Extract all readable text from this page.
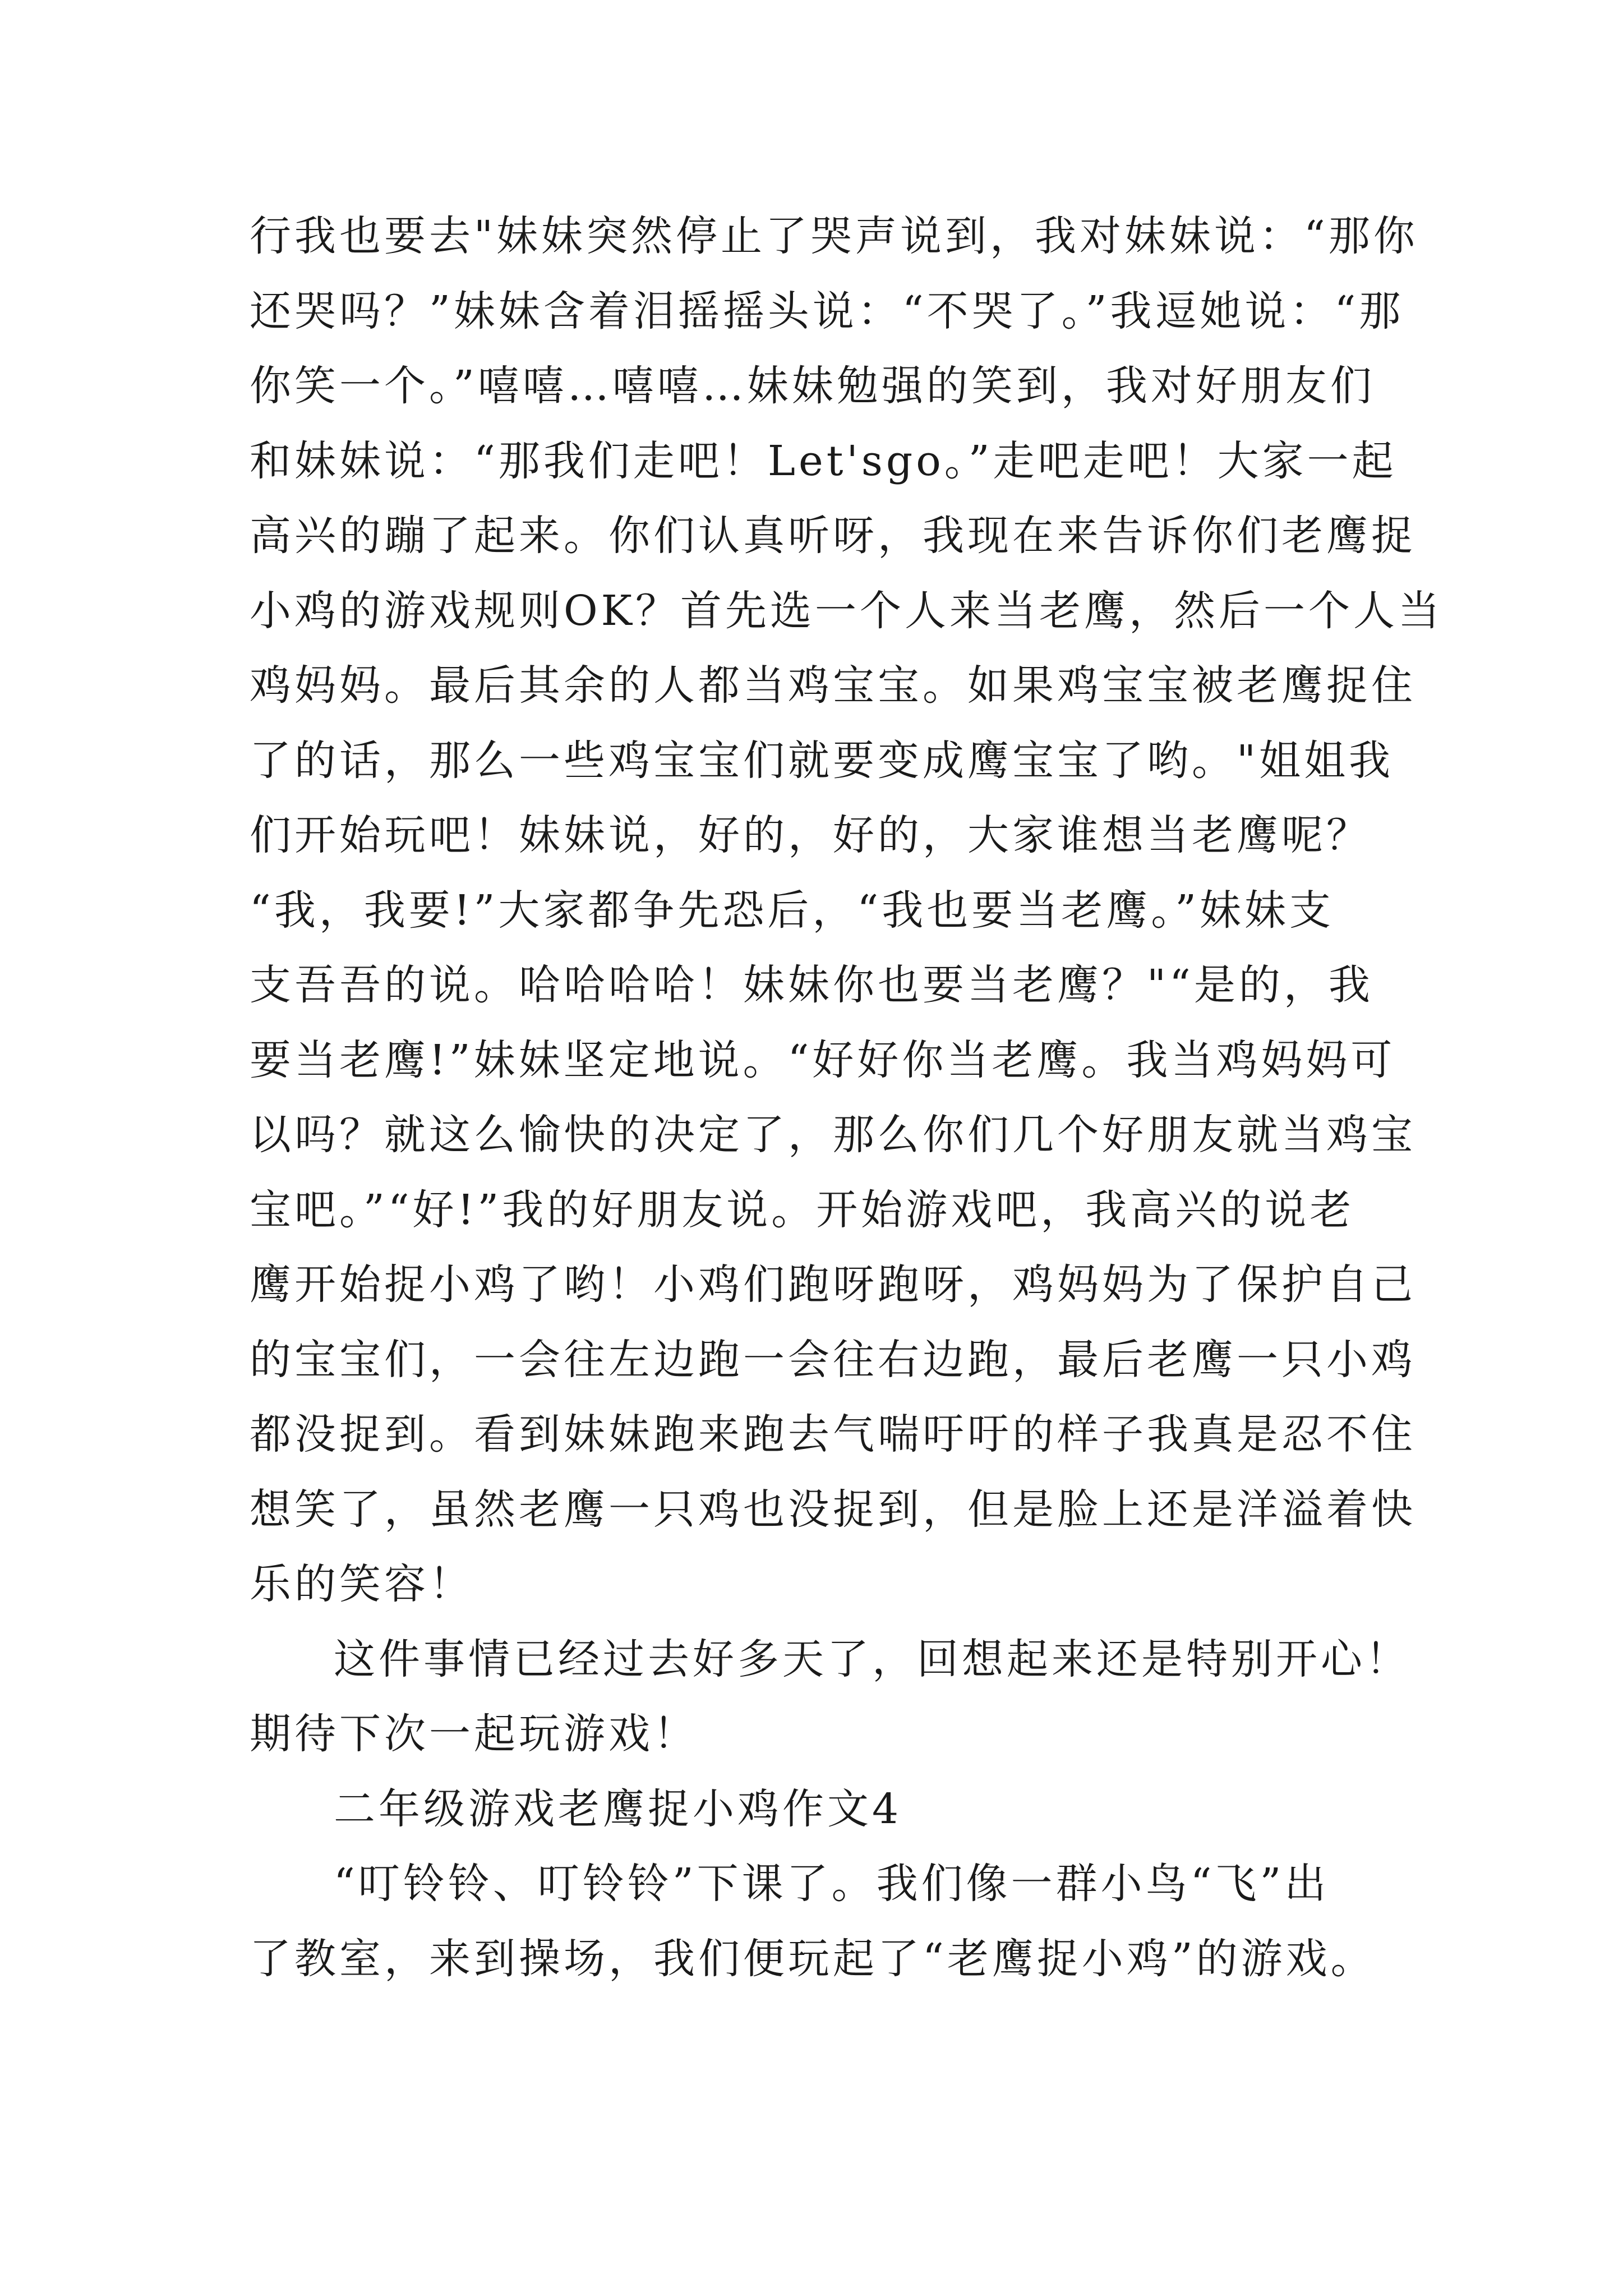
行我也要去"妹妹突然停止了哭声说到，我对妹妹说：“那你
还哭吗？”妹妹含着泪摇摇头说：“不哭了。”我逗她说：“那
你笑一个。”嘻嘻…嘻嘻…妹妹勉强的笑到，我对好朋友们
和妹妹说：“那我们走吧！Let'sgo。”走吧走吧！大家一起
高兴的蹦了起来。你们认真听呀，我现在来告诉你们老鹰捉
小鸡的游戏规则OK？首先选一个人来当老鹰，然后一个人当
鸡妈妈。最后其余的人都当鸡宝宝。如果鸡宝宝被老鹰捉住
了的话，那么一些鸡宝宝们就要变成鹰宝宝了哟。"姐姐我
们开始玩吧！妹妹说，好的，好的，大家谁想当老鹰呢？
“我，我要!”大家都争先恐后，“我也要当老鹰。”妹妹支
支吾吾的说。哈哈哈哈！妹妹你也要当老鹰？"“是的，我
要当老鹰!”妹妹坚定地说。“好好你当老鹰。我当鸡妈妈可
以吗？就这么愉快的决定了，那么你们几个好朋友就当鸡宝
宝吧。”“好!”我的好朋友说。开始游戏吧，我高兴的说老
鹰开始捉小鸡了哟！小鸡们跑呀跑呀，鸡妈妈为了保护自己
的宝宝们，一会往左边跑一会往右边跑，最后老鹰一只小鸡
都没捉到。看到妹妹跑来跑去气喘吁吁的样子我真是忍不住
想笑了，虽然老鹰一只鸡也没捉到，但是脸上还是洋溢着快
乐的笑容！
这件事情已经过去好多天了，回想起来还是特别开心！
期待下次一起玩游戏！
二年级游戏老鹰捉小鸡作文4
“叮铃铃、叮铃铃”下课了。我们像一群小鸟“飞”出
了教室，来到操场，我们便玩起了“老鹰捉小鸡”的游戏。
